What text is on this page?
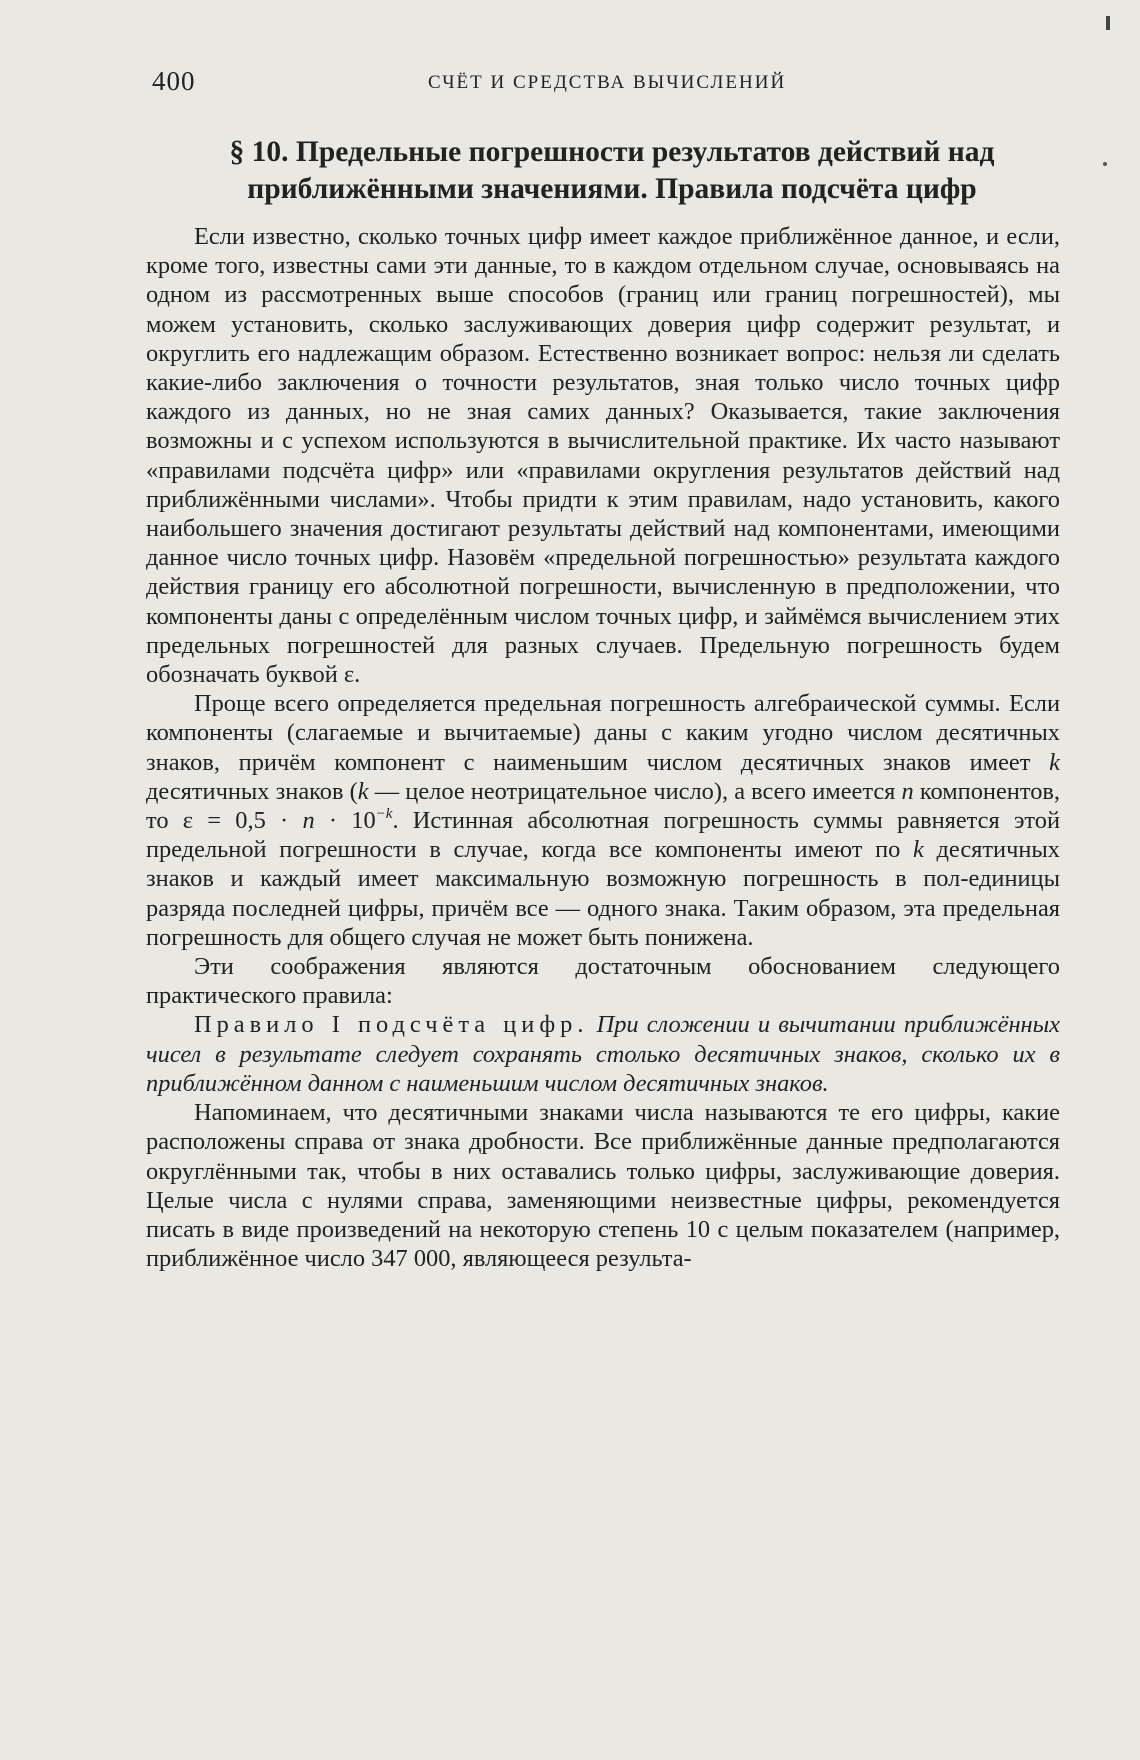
400	СЧЁТ И СРЕДСТВА ВЫЧИСЛЕНИЙ
§ 10. Предельные погрешности результатов действий над
приближёнными значениями. Правила подсчёта цифр

Если известно, сколько точных цифр имеет каждое приближённое данное, и если, кроме того, известны сами эти данные, то в каждом отдельном случае, основываясь на одном из рассмотренных выше способов (границ или границ погрешностей), мы можем установить, сколько заслуживающих доверия цифр содержит результат, и округлить его надлежащим образом. Естественно возникает вопрос: нельзя ли сделать какие-либо заключения о точности результатов, зная только число точных цифр каждого из данных, но не зная самих данных? Оказывается, такие заключения возможны и с успехом используются в вычислительной практике. Их часто называют «правилами подсчёта цифр» или «правилами округления результатов действий над приближёнными числами». Чтобы придти к этим правилам, надо установить, какого наибольшего значения достигают результаты действий над компонентами, имеющими данное число точных цифр. Назовём «предельной погрешностью» результата каждого действия границу его абсолютной погрешности, вычисленную в предположении, что компоненты даны с определённым числом точных цифр, и займёмся вычислением этих предельных погрешностей для разных случаев. Предельную погрешность будем обозначать буквой ε.

Проще всего определяется предельная погрешность алгебраической суммы. Если компоненты (слагаемые и вычитаемые) даны с каким угодно числом десятичных знаков, причём компонент с наименьшим числом десятичных знаков имеет k десятичных знаков (k — целое неотрицательное число), а всего имеется n компонентов, то $\varepsilon = 0,5 \cdot n \cdot 10^{-k}$. Истинная абсолютная погрешность суммы равняется этой предельной погрешности в случае, когда все компоненты имеют по k десятичных знаков и каждый имеет максимальную возможную погрешность в пол-единицы разряда последней цифры, причём все — одного знака. Таким образом, эта предельная погрешность для общего случая не может быть понижена.

Эти соображения являются достаточным обоснованием следующего практического правила:

Правило I подсчёта цифр. При сложении и вычитании приближённых чисел в результате следует сохранять столько десятичных знаков, сколько их в приближённом данном с наименьшим числом десятичных знаков.

Напоминаем, что десятичными знаками числа называются те его цифры, какие расположены справа от знака дробности. Все приближённые данные предполагаются округлёнными так, чтобы в них оставались только цифры, заслуживающие доверия. Целые числа с нулями справа, заменяющими неизвестные цифры, рекомендуется писать в виде произведений на некоторую степень 10 с целым показателем (например, приближённое число 347 000, являющееся результа-
